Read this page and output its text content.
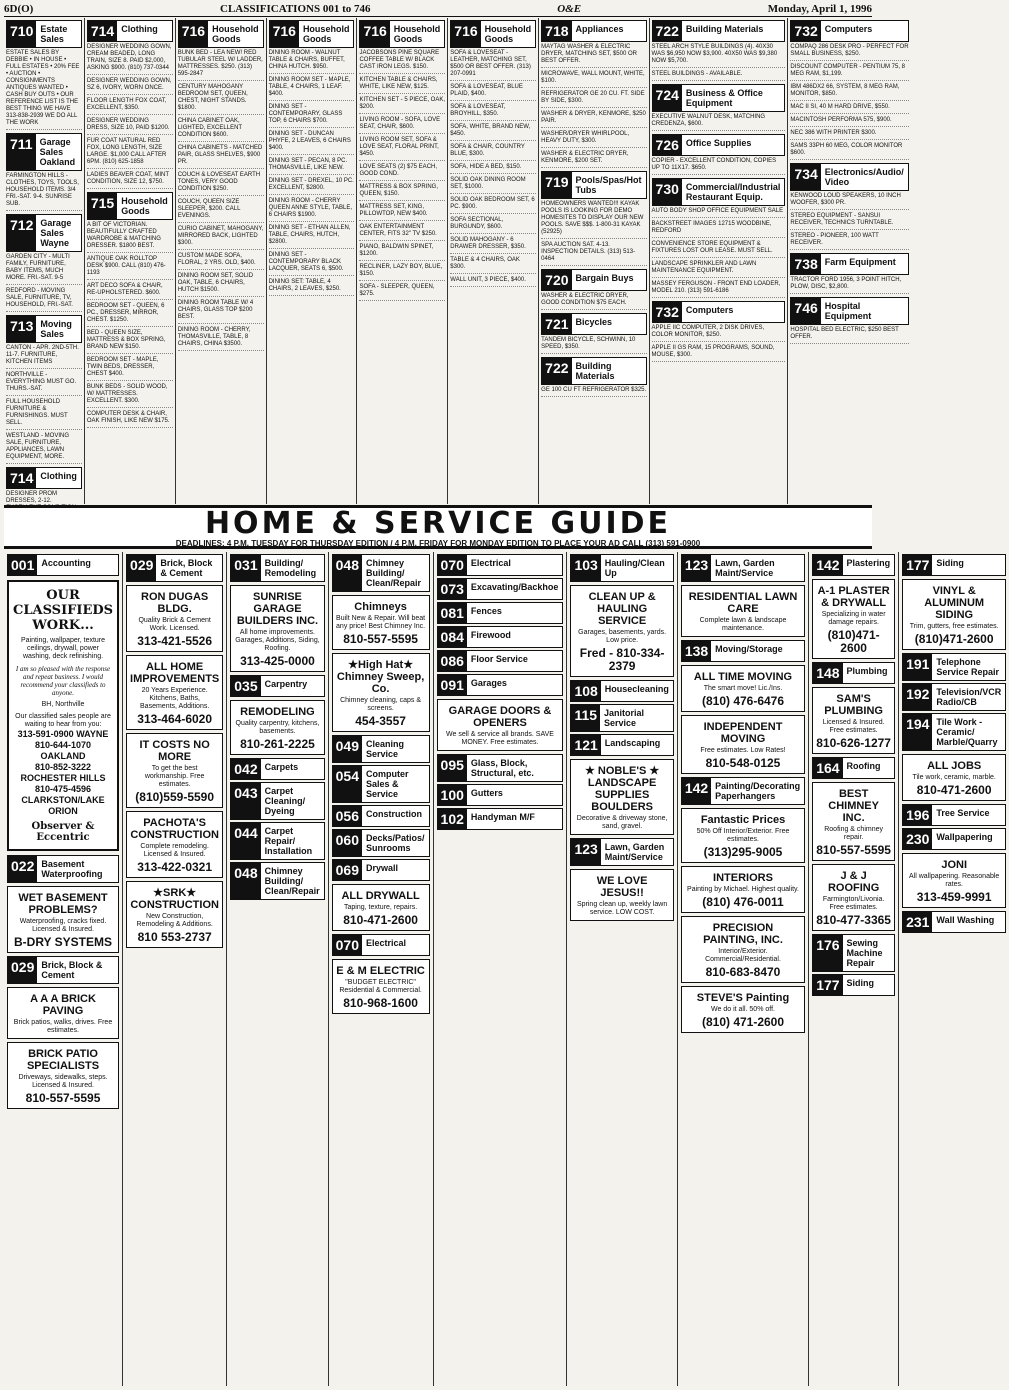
6D(O)	CLASSIFICATIONS 001 to 746	O&E	Monday, April 1, 1996
710 Estate Sales
ESTATE SALES BY DEBBIE • IN HOUSE • FULL ESTATES • 20% FEE • AUCTION • CONSIGNMENTS ANTIQUES WANTED • CASH BUY OUTS • OUR REFERENCE LIST IS THE BEST THING WE HAVE 313-838-2939 WE DO ALL THE WORK
711 Garage Sales Oakland
FARMINGTON HILLS - CLOTHES, TOYS, TOOLS, HOUSEHOLD ITEMS. 3/4 FRI.-SAT. 9-4. SUNRISE SUB.
712 Garage Sales Wayne
GARDEN CITY - MULTI FAMILY, FURNITURE, BABY ITEMS, MUCH MORE. FRI.-SAT. 9-5
REDFORD - MOVING SALE, FURNITURE, TV, HOUSEHOLD, FRI.-SAT.
713 Moving Sales
CANTON - APR. 2ND-5TH. 11-7. FURNITURE, KITCHEN ITEMS
NORTHVILLE - EVERYTHING MUST GO. THURS.-SAT.
FULL HOUSEHOLD FURNITURE & FURNISHINGS. MUST SELL.
WESTLAND - MOVING SALE, FURNITURE, APPLIANCES, LAWN EQUIPMENT, MORE.
714 Clothing
DESIGNER PROM DRESSES, 2-12.
714 Clothing
DESIGNER WEDDING GOWN, CREAM BEADED, LONG TRAIN, SIZE 8. PAID $2,000, ASKING $900. (810) 737-0344
DESIGNER WEDDING GOWN, SZ 6, IVORY, WORN ONCE.
FLOOR LENGTH FOX COAT, EXCELLENT, $350.
DESIGNER WEDDING DRESS, SIZE 10, PAID $1200.
FUR COAT NATURAL RED FOX, LONG LENGTH, SIZE LARGE. $1,000 CALL AFTER 6PM. (810) 625-1858
LADIES BEAVER COAT, MINT CONDITION, SIZE 12, $750.
715 Household Goods
A BIT OF VICTORIAN. BEAUTIFULLY CRAFTED WARDROBE & MATCHING DRESSER. $1800 BEST.
ANTIQUE OAK ROLLTOP DESK $900. CALL (810) 476-1193
ART DECO SOFA & CHAIR, RE-UPHOLSTERED. $600.
BEDROOM SET - QUEEN, 6 PC., DRESSER, MIRROR, CHEST. $1250.
BED - QUEEN SIZE, MATTRESS & BOX SPRING, BRAND NEW $150.
BEDROOM SET - MAPLE, TWIN BEDS, DRESSER, CHEST $400.
BUNK BEDS - SOLID WOOD, W/ MATTRESSES. EXCELLENT. $300.
COMPUTER DESK & CHAIR, OAK FINISH, LIKE NEW $175.
716 Household Goods
BUNK BED - LEA NEW! RED TUBULAR STEEL W/ LADDER, MATTRESSES. $250. (313) 595-2847
CENTURY MAHOGANY BEDROOM SET, QUEEN, CHEST, NIGHT STANDS. $1800.
CHINA CABINET OAK, LIGHTED, EXCELLENT CONDITION $600.
CHINA CABINETS - MATCHED PAIR, GLASS SHELVES, $900 PR.
COUCH & LOVESEAT EARTH TONES, VERY GOOD CONDITION $250.
COUCH, QUEEN SIZE SLEEPER, $200. CALL EVENINGS.
CURIO CABINET, MAHOGANY, MIRRORED BACK, LIGHTED $300.
CUSTOM MADE SOFA, FLORAL, 2 YRS. OLD, $400.
DINING ROOM SET, SOLID OAK, TABLE, 6 CHAIRS, HUTCH $1500.
DINING ROOM TABLE W/ 4 CHAIRS, GLASS TOP $200 BEST.
DINING ROOM - CHERRY, THOMASVILLE, TABLE, 8 CHAIRS, CHINA $3500.
716 Household Goods
DINING ROOM - WALNUT TABLE & CHAIRS, BUFFET, CHINA HUTCH. $950.
DINING ROOM SET - MAPLE, TABLE, 4 CHAIRS, 1 LEAF. $400.
DINING SET - CONTEMPORARY, GLASS TOP, 6 CHAIRS $700.
DINING SET - DUNCAN PHYFE, 2 LEAVES, 6 CHAIRS $400.
DINING SET - PECAN, 8 PC. THOMASVILLE, LIKE NEW.
DINING SET - DREXEL, 10 PC. EXCELLENT, $2800.
DINING ROOM - CHERRY QUEEN ANNE STYLE, TABLE, 6 CHAIRS $1900.
DINING SET - ETHAN ALLEN, TABLE, CHAIRS, HUTCH, $2800.
DINING SET - CONTEMPORARY BLACK LACQUER, SEATS 6, $500.
DINING SET: TABLE, 4 CHAIRS, 2 LEAVES, $250.
716 Household Goods
JACOBSONS PINE SQUARE COFFEE TABLE W/ BLACK CAST IRON LEGS. $150.
KITCHEN TABLE & CHAIRS, WHITE, LIKE NEW, $125.
KITCHEN SET - 5 PIECE, OAK, $200.
LIVING ROOM - SOFA, LOVE SEAT, CHAIR, $600.
LIVING ROOM SET, SOFA & LOVE SEAT, FLORAL PRINT, $450.
LOVE SEATS (2) $75 EACH, GOOD COND.
MATTRESS & BOX SPRING, QUEEN, $150.
MATTRESS SET, KING, PILLOWTOP, NEW $400.
OAK ENTERTAINMENT CENTER, FITS 32" TV $250.
PIANO, BALDWIN SPINET, $1200.
RECLINER, LAZY BOY, BLUE, $150.
SOFA - SLEEPER, QUEEN, $275.
716 Household Goods
SOFA & LOVESEAT - LEATHER, MATCHING SET, $500 OR BEST OFFER. (313) 207-0991
SOFA & LOVESEAT, BLUE PLAID, $400.
SOFA & LOVESEAT, BROYHILL, $350.
SOFA, WHITE, BRAND NEW, $450.
SOFA & CHAIR, COUNTRY BLUE, $300.
SOFA, HIDE A BED, $150.
SOLID OAK DINING ROOM SET, $1000.
SOLID OAK BEDROOM SET, 6 PC. $900.
SOFA SECTIONAL, BURGUNDY, $600.
SOLID MAHOGANY - 6 DRAWER DRESSER, $350.
TABLE & 4 CHAIRS, OAK $300.
WALL UNIT, 3 PIECE, $400.
718 Appliances
MAYTAG WASHER & ELECTRIC DRYER, MATCHING SET, $500 OR BEST OFFER.
MICROWAVE, WALL MOUNT, WHITE, $100.
REFRIGERATOR GE 20 CU. FT. SIDE BY SIDE, $300.
WASHER & DRYER, KENMORE, $250 PAIR.
WASHER/DRYER WHIRLPOOL, HEAVY DUTY, $300.
WASHER & ELECTRIC DRYER, KENMORE, $200 SET.
719 Pools/Spas/Hot Tubs
HOMEOWNERS WANTED!!! KAYAK POOLS IS LOOKING FOR DEMO HOMESITES TO DISPLAY OUR NEW POOLS. SAVE $$$. 1-800-31 KAYAK (52925)
SPA AUCTION SAT. 4-13. INSPECTION DETAILS. (313) 513-0464
720 Bargain Buys
WASHER & ELECTRIC DRYER, GOOD CONDITION $75 EACH.
721 Bicycles
TANDEM BICYCLE, SCHWINN, 10 SPEED, $350.
722 Building Materials
GE 100 CU FT REFRIGERATOR $325.
722 Building Materials
STEEL ARCH STYLE BUILDINGS (4). 40X30 WAS $6,950 NOW $3,900. 40X50 WAS $9,380 NOW $5,700.
STEEL BUILDINGS - AVAILABLE.
724 Business & Office Equipment
EXECUTIVE WALNUT DESK, MATCHING CREDENZA, $600.
726 Office Supplies
COPIER - EXCELLENT CONDITION, COPIES UP TO 11X17. $650.
730 Commercial/Industrial Restaurant Equip.
AUTO BODY SHOP OFFICE EQUIPMENT SALE
BACKSTREET IMAGES 12715 WOODBINE, REDFORD
CONVENIENCE STORE EQUIPMENT & FIXTURES LOST OUR LEASE. MUST SELL.
LANDSCAPE SPRINKLER AND LAWN MAINTENANCE EQUIPMENT.
MASSEY FERGUSON - FRONT END LOADER, MODEL 210. (313) 591-6186
732 Computers
APPLE IIC COMPUTER, 2 DISK DRIVES, COLOR MONITOR, $250.
APPLE II GS RAM, 15 PROGRAMS, SOUND, MOUSE, $300.
732 Computers
COMPAQ 286 DESK PRO - PERFECT FOR SMALL BUSINESS, $250.
DISCOUNT COMPUTER - PENTIUM 75, 8 MEG RAM, $1,199.
IBM 486DX2 66, SYSTEM, 8 MEG RAM, MONITOR, $850.
MAC II SI, 40 M HARD DRIVE, $550.
MACINTOSH PERFORMA 575, $900.
NEC 386 WITH PRINTER $300.
SAMS 33PH 60 MEG, COLOR MONITOR $600.
734 Electronics/Audio/ Video
KENWOOD LOUD SPEAKERS, 10 INCH WOOFER, $300 PR.
STEREO EQUIPMENT - SANSUI RECEIVER, TECHNICS TURNTABLE.
STEREO - PIONEER, 100 WATT RECEIVER.
738 Farm Equipment
TRACTOR FORD 1956, 3 POINT HITCH, PLOW, DISC, $2,800.
746 Hospital Equipment
HOSPITAL BED ELECTRIC, $250 BEST OFFER.
HOME & SERVICE GUIDE
DEADLINES: 4 P.M. TUESDAY FOR THURSDAY EDITION / 4 P.M. FRIDAY FOR MONDAY EDITION TO PLACE YOUR AD CALL (313) 591-0900
001 Accounting
OUR CLASSIFIEDS WORK...
Painting, wallpaper, texture ceilings, drywall, power washing, deck refinishing.
I am so pleased with the response and repeat business. I would recommend your classifieds to anyone.
BH, Northville
Our classified sales people are waiting to hear from you:
313-591-0900 WAYNE
810-644-1070 OAKLAND
810-852-3222 ROCHESTER HILLS
810-475-4596 CLARKSTON/LAKE ORION
Observer & Eccentric
022 Basement Waterproofing
WET BASEMENT PROBLEMS?
Waterproofing, cracks fixed. Licensed & Insured.
B-DRY SYSTEMS
029 Brick, Block & Cement
A A A BRICK PAVING
Brick patios, walks, drives. Free estimates.
BRICK PATIO SPECIALISTS
Driveways, sidewalks, steps. Licensed & Insured.
810-557-5595
029 Brick, Block & Cement
RON DUGAS BLDG.
Quality Brick & Cement Work. Licensed.
313-421-5526
ALL HOME IMPROVEMENTS
20 Years Experience. Kitchens, Baths, Basements, Additions.
313-464-6020
IT COSTS NO MORE
To get the best workmanship. Free estimates.
(810)559-5590
PACHOTA'S CONSTRUCTION
Complete remodeling. Licensed & Insured.
313-422-0321
★SRK★ CONSTRUCTION
New Construction, Remodeling & Additions.
810 553-2737
031 Building/ Remodeling
SUNRISE GARAGE BUILDERS INC.
All home improvements. Garages, Additions, Siding, Roofing.
313-425-0000
035 Carpentry
REMODELING
Quality carpentry, kitchens, basements.
810-261-2225
042 Carpets
043 Carpet Cleaning/ Dyeing
044 Carpet Repair/ Installation
048 Chimney Building/ Clean/Repair
048 Chimney Building/ Clean/Repair
Chimneys
Built New & Repair. Will beat any price! Best Chimney Inc.
810-557-5595
★High Hat★ Chimney Sweep, Co.
Chimney cleaning, caps & screens.
454-3557
049 Cleaning Service
054 Computer Sales & Service
056 Construction
060 Decks/Patios/ Sunrooms
069 Drywall
ALL DRYWALL
Taping, texture, repairs.
810-471-2600
070 Electrical
E & M ELECTRIC
"BUDGET ELECTRIC" Residential & Commercial.
810-968-1600
070 Electrical
073 Excavating/Backhoe
081 Fences
084 Firewood
086 Floor Service
091 Garages
GARAGE DOORS & OPENERS
We sell & service all brands. SAVE MONEY. Free estimates.
095 Glass, Block, Structural, etc.
100 Gutters
102 Handyman M/F
103 Hauling/Clean Up
CLEAN UP & HAULING SERVICE
Garages, basements, yards. Low price.
Fred - 810-334-2379
108 Housecleaning
115 Janitorial Service
121 Landscaping
★ NOBLE'S ★ LANDSCAPE SUPPLIES BOULDERS
Decorative & driveway stone, sand, gravel.
123 Lawn, Garden Maint/Service
WE LOVE JESUS!!
Spring clean up, weekly lawn service. LOW COST.
123 Lawn, Garden Maint/Service
RESIDENTIAL LAWN CARE
Complete lawn & landscape maintenance.
138 Moving/Storage
ALL TIME MOVING
The smart move! Lic./Ins.
(810) 476-6476
INDEPENDENT MOVING
Free estimates. Low Rates!
810-548-0125
142 Painting/Decorating Paperhangers
Fantastic Prices
50% Off Interior/Exterior. Free estimates.
(313)295-9005
INTERIORS
Painting by Michael. Highest quality.
(810) 476-0011
PRECISION PAINTING, INC.
Interior/Exterior. Commercial/Residential.
810-683-8470
STEVE'S Painting
We do it all. 50% off.
(810) 471-2600
142 Plastering
A-1 PLASTER & DRYWALL
Specializing in water damage repairs.
(810)471-2600
148 Plumbing
SAM'S PLUMBING
Licensed & Insured. Free estimates.
810-626-1277
164 Roofing
BEST CHIMNEY INC.
Roofing & chimney repair.
810-557-5595
J & J ROOFING
Farmington/Livonia. Free estimates.
810-477-3365
176 Sewing Machine Repair
177 Siding
177 Siding
VINYL & ALUMINUM SIDING
Trim, gutters, free estimates.
(810)471-2600
191 Telephone Service Repair
192 Television/VCR Radio/CB
194 Tile Work - Ceramic/ Marble/Quarry
ALL JOBS
Tile work, ceramic, marble.
810-471-2600
196 Tree Service
230 Wallpapering
JONI
All wallpapering. Reasonable rates.
313-459-9991
231 Wall Washing
